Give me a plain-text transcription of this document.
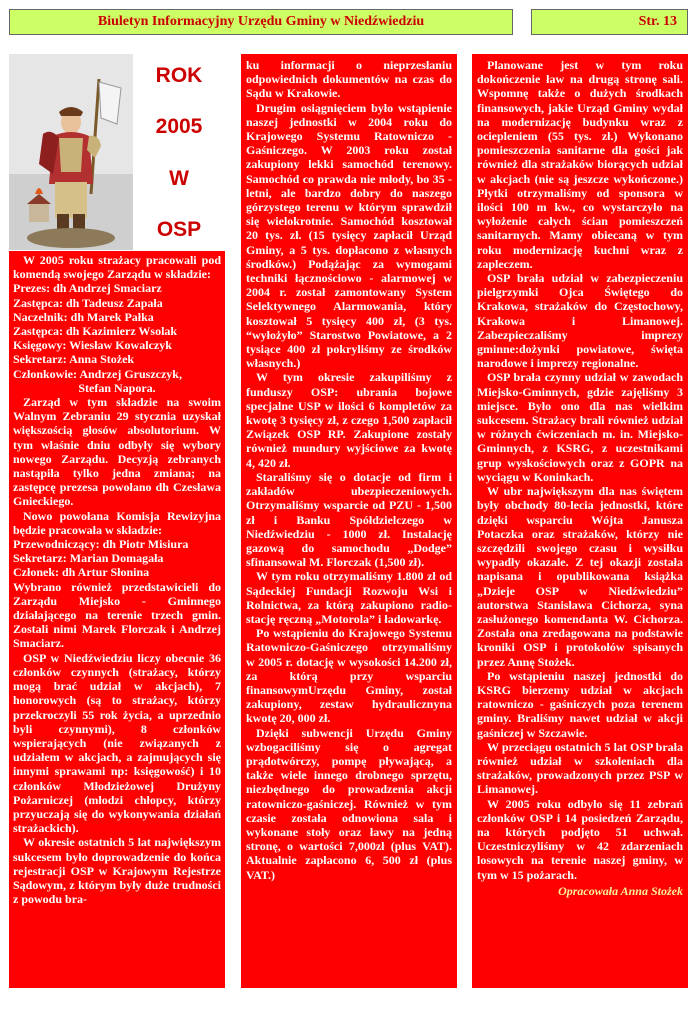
Biuletyn Informacyjny Urzędu Gminy w Niedźwiedziu	Str. 13
ROK
2005
W
OSP

W 2005 roku strażacy pracowali pod komendą swojego Zarządu w składzie:

Prezes: dh Andrzej Smaciarz

Zastępca: dh Tadeusz Zapała

Naczelnik: dh Marek Pałka

Zastępca: dh Kazimierz Wsolak

Księgowy: Wiesław Kowalczyk

Sekretarz: Anna Stożek

Członkowie: Andrzej Gruszczyk,

Stefan Napora.

Zarząd w tym składzie na swoim Walnym Zebraniu 29 stycznia uzyskał większością głosów absolutorium. W tym właśnie dniu odbyły się wybory nowego Zarządu. Decyzją zebranych nastąpiła tylko jedna zmiana; na zastępcę prezesa powołano dh Czesława Gnieckiego.

Nowo powołana Komisja Rewizyjna będzie pracowała w składzie:

Przewodniczący: dh Piotr Misiura

Sekretarz: Marian Domagała

Członek: dh Artur Słonina

Wybrano również przedstawicieli do Zarządu Miejsko - Gminnego działającego na terenie trzech gmin. Zostali nimi Marek Florczak i Andrzej Smaciarz.

OSP w Niedźwiedziu liczy obecnie 36 członków czynnych (strażacy, którzy mogą brać udział w akcjach), 7 honorowych (są to strażacy, którzy przekroczyli 55 rok życia, a uprzednio byli czynnymi), 8 członków wspierających (nie związanych z udziałem w akcjach, a zajmujących się innymi sprawami np: księgowość) i 10 członków Młodzieżowej Drużyny Pożarniczej (młodzi chłopcy, którzy przyuczają się do wykonywania działań strażackich).

W okresie ostatnich 5 lat największym sukcesem było doprowadzenie do końca rejestracji OSP w Krajowym Rejestrze Sądowym, z którym były duże trudności z powodu bra-

ku informacji o nieprzesłaniu odpowiednich dokumentów na czas do Sądu w Krakowie.

Drugim osiągnięciem było wstąpienie naszej jednostki w 2004 roku do Krajowego Systemu Ratowniczo - Gaśniczego. W 2003 roku został zakupiony lekki samochód terenowy. Samochód co prawda nie młody, bo 35 -letni, ale bardzo dobry do naszego górzystego terenu w którym sprawdził się wielokrotnie. Samochód kosztował 20 tys. zł. (15 tysięcy zapłacił Urząd Gminy, a 5 tys. dopłacono z własnych środków.) Podążając za wymogami techniki łącznościowo - alarmowej w 2004 r. został zamontowany System Selektywnego Alarmowania, który kosztował 5 tysięcy 400 zł, (3 tys. “wyłożyło” Starostwo Powiatowe, a 2 tysiące 400 zł pokryliśmy ze środków własnych.)

W tym okresie zakupiliśmy z funduszy OSP: ubrania bojowe specjalne USP w ilości 6 kompletów za kwotę 3 tysięcy zł, z czego 1,500 zapłacił Związek OSP RP. Zakupione zostały również mundury wyjściowe za kwotę 4, 420 zł.

Staraliśmy się o dotacje od firm i zakładów ubezpieczeniowych. Otrzymaliśmy wsparcie od PZU - 1,500 zł i Banku Spółdzielczego w Niedźwiedziu - 1000 zł. Instalację gazową do samochodu „Dodge” sfinansował M. Florczak (1,500 zł).

W tym roku otrzymaliśmy 1.800 zł od Sądeckiej Fundacji Rozwoju Wsi i Rolnictwa, za którą zakupiono radio-stację ręczną „Motorola” i ładowarkę.

Po wstąpieniu do Krajowego Systemu Ratowniczo-Gaśniczego otrzymaliśmy w 2005 r. dotację w wysokości 14.200 zł, za którą przy wsparciu finansowymUrzędu Gminy, został zakupiony, zestaw hydraulicznyna kwotę 20, 000 zł.

Dzięki subwencji Urzędu Gminy wzbogaciliśmy się o agregat prądotwórczy, pompę pływającą, a także wiele innego drobnego sprzętu, niezbędnego do prowadzenia akcji ratowniczo-gaśniczej. Również w tym czasie została odnowiona sala i wykonane stoły oraz ławy na jedną stronę, o wartości 7,000zł (plus VAT). Aktualnie zapłacono 6, 500 zł (plus VAT.)

Planowane jest w tym roku dokończenie ław na drugą stronę sali. Wspomnę także o dużych środkach finansowych, jakie Urząd Gminy wydał na modernizację budynku wraz z ociepleniem (55 tys. zł.) Wykonano pomieszczenia sanitarne dla gości jak również dla strażaków biorących udział w akcjach (nie są jeszcze wykończone.) Płytki otrzymaliśmy od sponsora w ilości 100 m kw., co wystarczyło na wyłożenie całych ścian pomieszczeń sanitarnych. Mamy obiecaną w tym roku modernizację kuchni wraz z zapleczem.

OSP brała udział w zabezpieczeniu pielgrzymki Ojca Świętego do Krakowa, strażaków do Częstochowy, Krakowa i Limanowej. Zabezpieczaliśmy imprezy gminne:dożynki powiatowe, święta narodowe i imprezy regionalne.

OSP brała czynny udział w zawodach Miejsko-Gminnych, gdzie zajęliśmy 3 miejsce. Było ono dla nas wielkim sukcesem. Strażacy brali również udział w różnych ćwiczeniach m. in. Miejsko-Gminnych, z KSRG, z uczestnikami grup wyskościowych oraz z GOPR na wyciągu w Koninkach.

W ubr największym dla nas świętem były obchody 80-lecia jednostki, które dzięki wsparciu Wójta Janusza Potaczka oraz strażaków, którzy nie szczędzili swojego czasu i wysiłku wypadły okazale. Z tej okazji została napisana i opublikowana książka „Dzieje OSP w Niedźwiedziu” autorstwa Stanisława Cichorza, syna zasłużonego komendanta W. Cichorza. Została ona zredagowana na podstawie kroniki OSP i protokołów spisanych przez Annę Stożek.

Po wstąpieniu naszej jednostki do KSRG bierzemy udział w akcjach ratowniczo - gaśniczych poza terenem gminy. Braliśmy nawet udział w akcji gaśniczej w Szczawie.

W przeciągu ostatnich 5 lat OSP brała również udział w szkoleniach dla strażaków, prowadzonych przez PSP w Limanowej.

W 2005 roku odbyło się 11 zebrań członków OSP i 14 posiedzeń Zarządu, na których podjęto 51 uchwał. Uczestniczyliśmy w 42 zdarzeniach losowych na terenie naszej gminy, w tym w 15 pożarach.

Opracowała Anna Stożek
